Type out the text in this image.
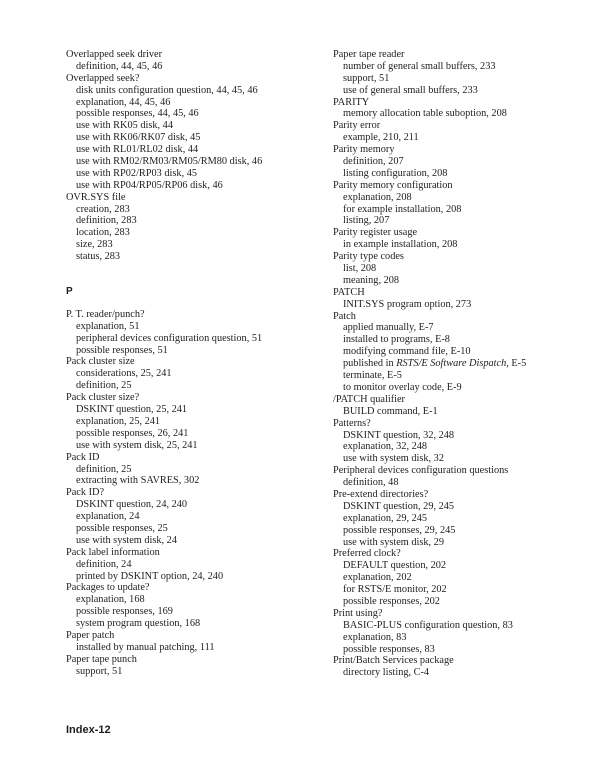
Overlapped seek driver
definition, 44, 45, 46
Overlapped seek?
disk units configuration question, 44, 45, 46
explanation, 44, 45, 46
possible responses, 44, 45, 46
use with RK05 disk, 44
use with RK06/RK07 disk, 45
use with RL01/RL02 disk, 44
use with RM02/RM03/RM05/RM80 disk, 46
use with RP02/RP03 disk, 45
use with RP04/RP05/RP06 disk, 46
OVR.SYS file
creation, 283
definition, 283
location, 283
size, 283
status, 283
P
P. T. reader/punch?
explanation, 51
peripheral devices configuration question, 51
possible responses, 51
Pack cluster size
considerations, 25, 241
definition, 25
Pack cluster size?
DSKINT question, 25, 241
explanation, 25, 241
possible responses, 26, 241
use with system disk, 25, 241
Pack ID
definition, 25
extracting with SAVRES, 302
Pack ID?
DSKINT question, 24, 240
explanation, 24
possible responses, 25
use with system disk, 24
Pack label information
definition, 24
printed by DSKINT option, 24, 240
Packages to update?
explanation, 168
possible responses, 169
system program question, 168
Paper patch
installed by manual patching, 111
Paper tape punch
support, 51
Paper tape reader
number of general small buffers, 233
support, 51
use of general small buffers, 233
PARITY
memory allocation table suboption, 208
Parity error
example, 210, 211
Parity memory
definition, 207
listing configuration, 208
Parity memory configuration
explanation, 208
for example installation, 208
listing, 207
Parity register usage
in example installation, 208
Parity type codes
list, 208
meaning, 208
PATCH
INIT.SYS program option, 273
Patch
applied manually, E-7
installed to programs, E-8
modifying command file, E-10
published in RSTS/E Software Dispatch, E-5
terminate, E-5
to monitor overlay code, E-9
/PATCH qualifier
BUILD command, E-1
Patterns?
DSKINT question, 32, 248
explanation, 32, 248
use with system disk, 32
Peripheral devices configuration questions
definition, 48
Pre-extend directories?
DSKINT question, 29, 245
explanation, 29, 245
possible responses, 29, 245
use with system disk, 29
Preferred clock?
DEFAULT question, 202
explanation, 202
for RSTS/E monitor, 202
possible responses, 202
Print using?
BASIC-PLUS configuration question, 83
explanation, 83
possible responses, 83
Print/Batch Services package
directory listing, C-4
Index-12
